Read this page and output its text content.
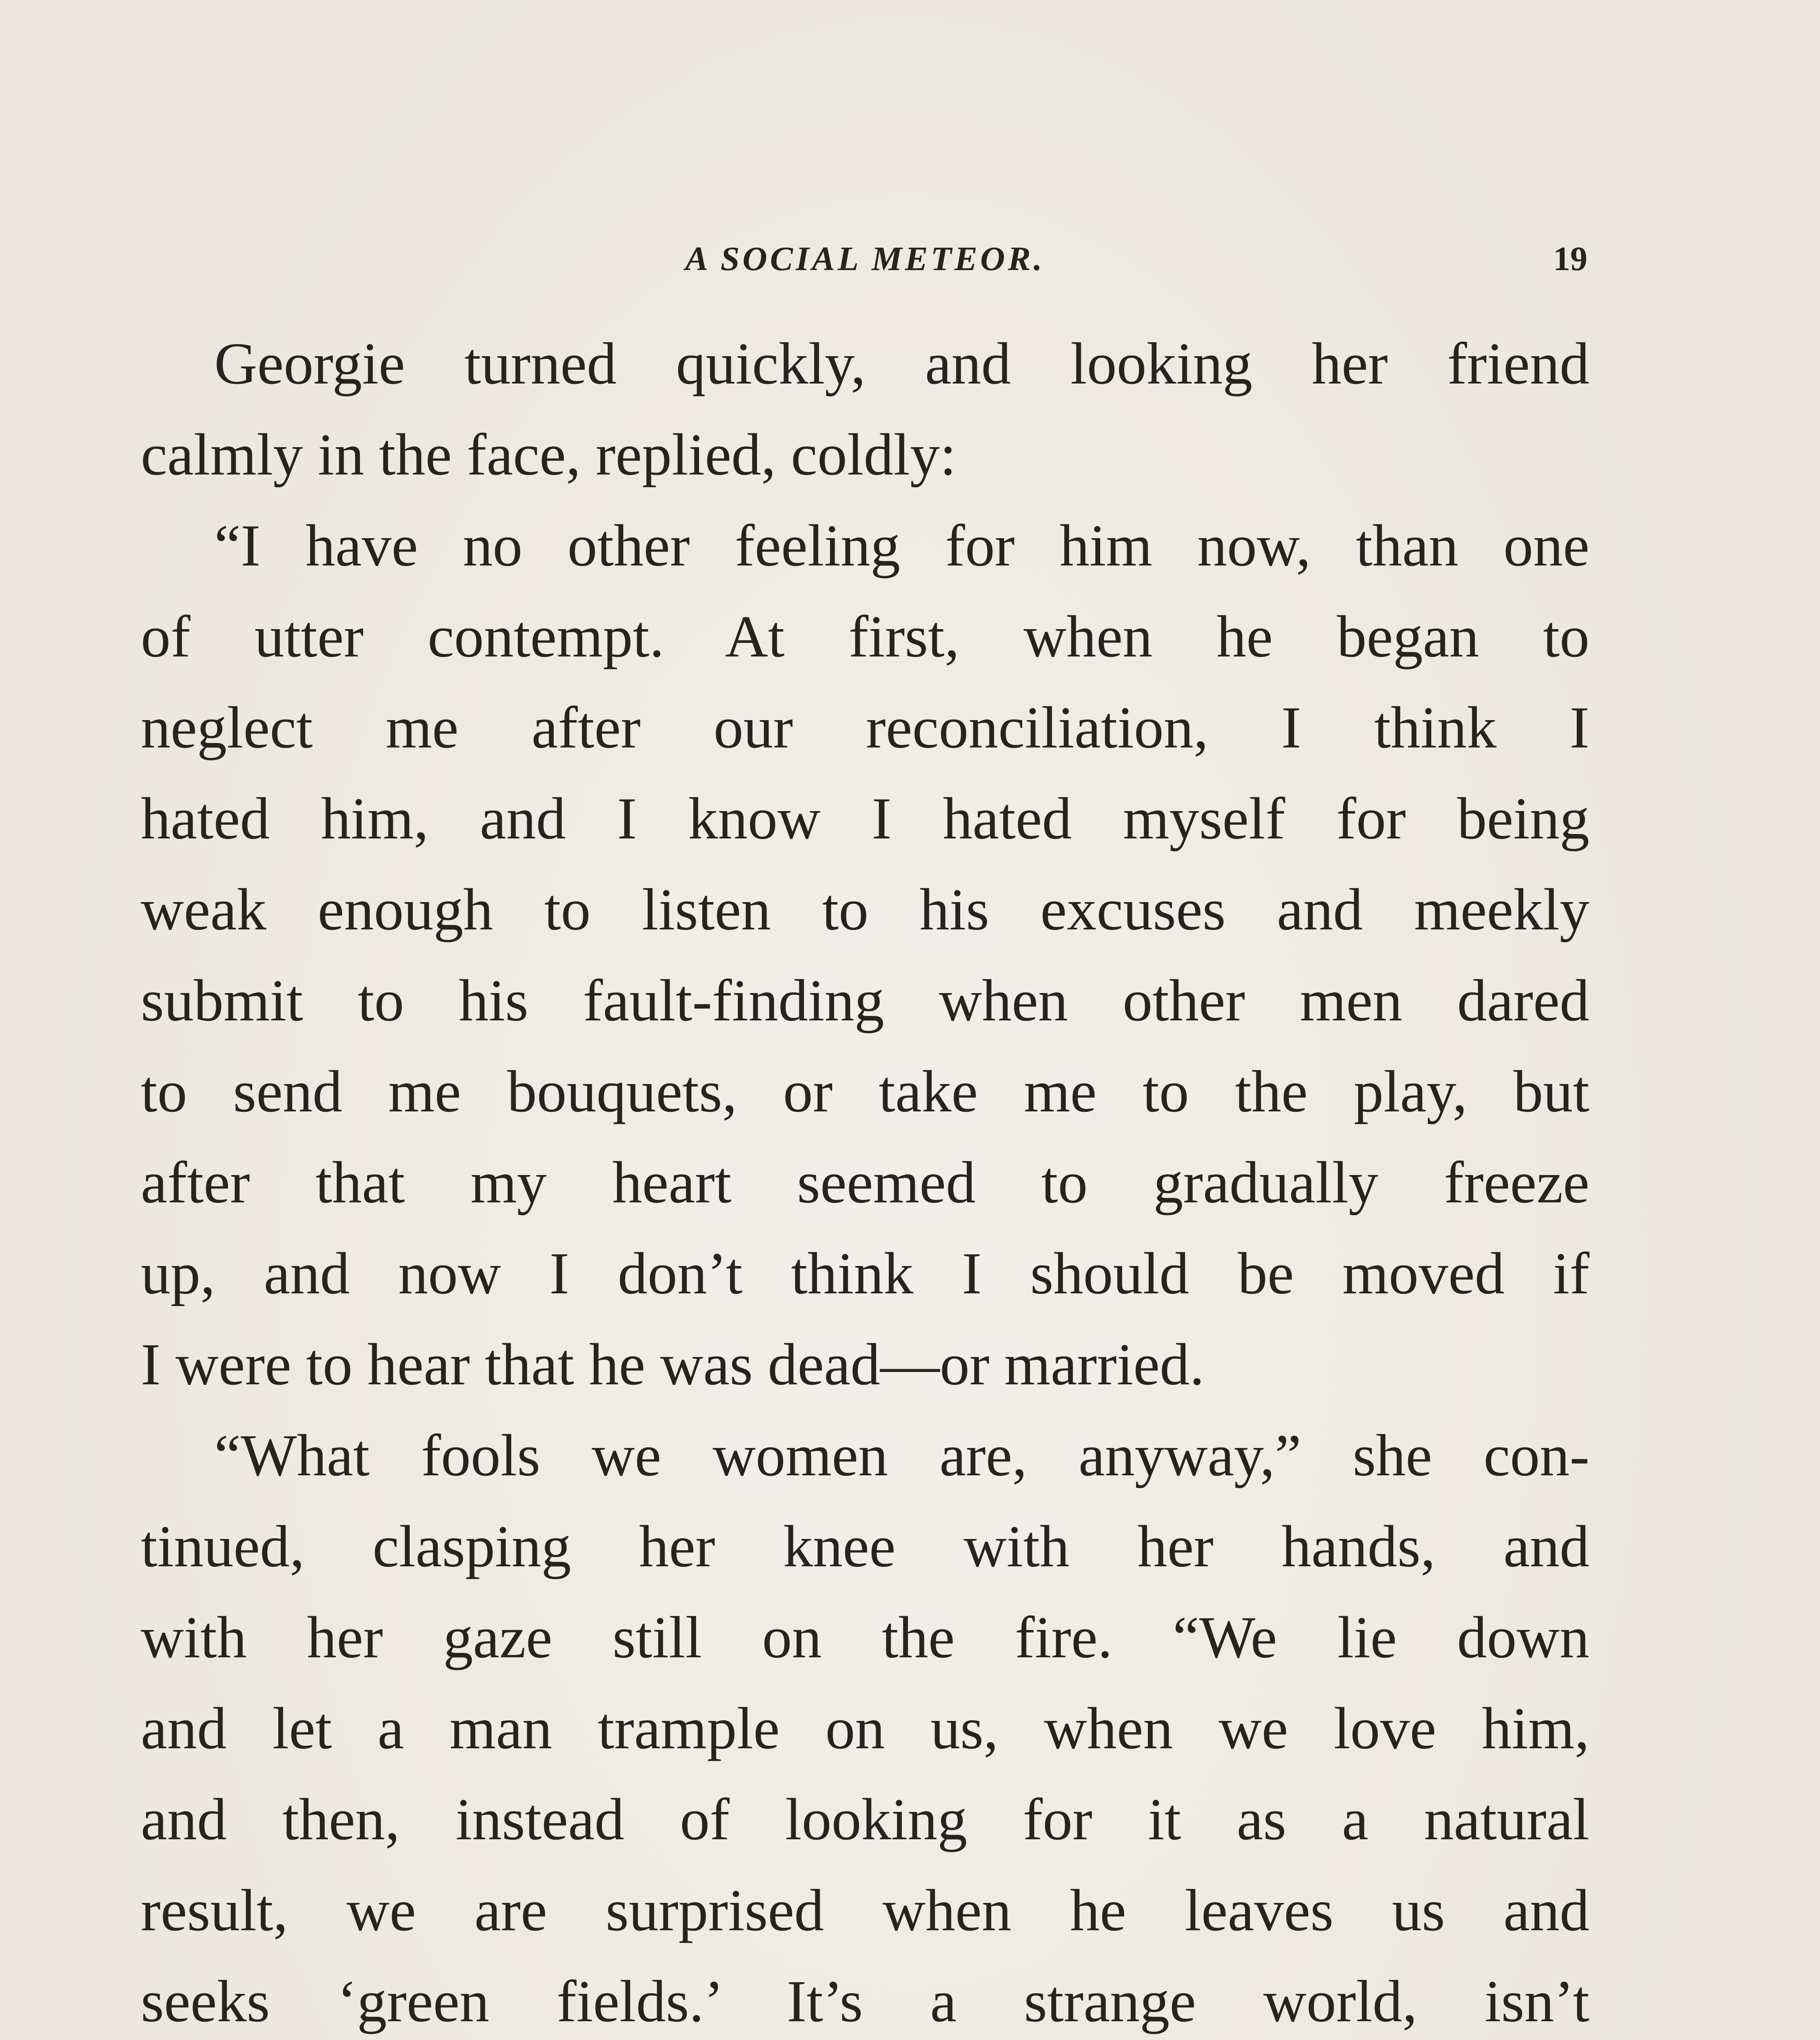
A SOCIAL METEOR.	19
Georgie turned quickly, and looking her friend
calmly in the face, replied, coldly:
“I have no other feeling for him now, than one
of utter contempt. At first, when he began to
neglect me after our reconciliation, I think I
hated him, and I know I hated myself for being
weak enough to listen to his excuses and meekly
submit to his fault-finding when other men dared
to send me bouquets, or take me to the play, but
after that my heart seemed to gradually freeze
up, and now I don’t think I should be moved if
I were to hear that he was dead—or married.
“What fools we women are, anyway,” she con-
tinued, clasping her knee with her hands, and
with her gaze still on the fire. “We lie down
and let a man trample on us, when we love him,
and then, instead of looking for it as a natural
result, we are surprised when he leaves us and
seeks ‘green fields.’ It’s a strange world, isn’t
